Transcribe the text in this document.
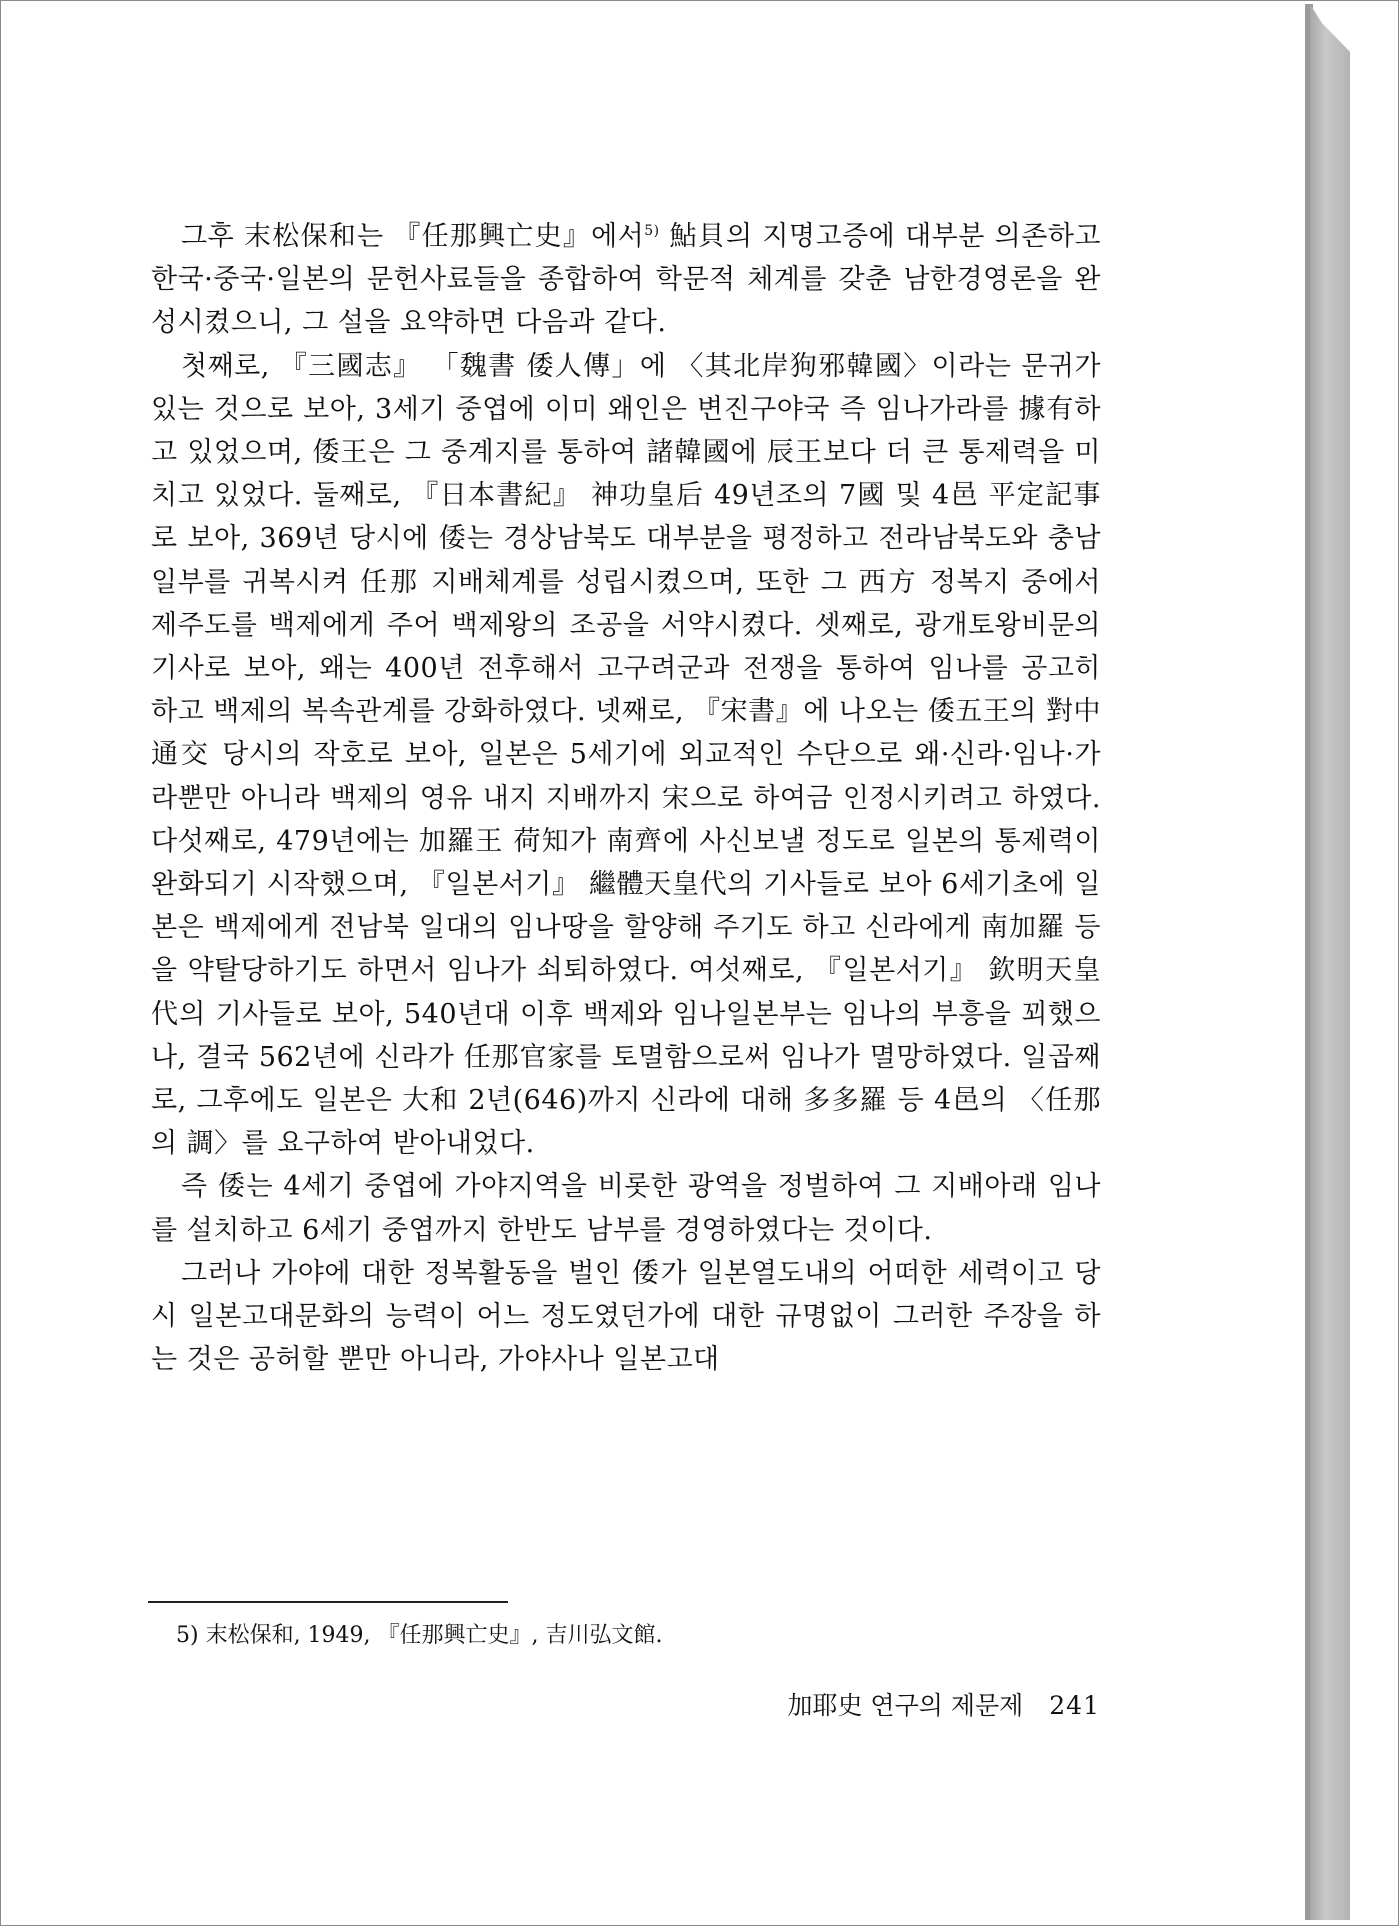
그후 末松保和는 『任那興亡史』에서$^{5)}$ 鮎貝의 지명고증에 대부분 의존하고 한국·중국·일본의 문헌사료들을 종합하여 학문적 체계를 갖춘 남한경영론을 완성시켰으니, 그 설을 요약하면 다음과 같다.

첫째로, 『三國志』 「魏書 倭人傳」에 〈其北岸狗邪韓國〉이라는 문귀가 있는 것으로 보아, 3세기 중엽에 이미 왜인은 변진구야국 즉 임나가라를 據有하고 있었으며, 倭王은 그 중계지를 통하여 諸韓國에 辰王보다 더 큰 통제력을 미치고 있었다. 둘째로, 『日本書紀』 神功皇后 49년조의 7國 및 4邑 平定記事로 보아, 369년 당시에 倭는 경상남북도 대부분을 평정하고 전라남북도와 충남일부를 귀복시켜 任那 지배체계를 성립시켰으며, 또한 그 西方 정복지 중에서 제주도를 백제에게 주어 백제왕의 조공을 서약시켰다. 셋째로, 광개토왕비문의 기사로 보아, 왜는 400년 전후해서 고구려군과 전쟁을 통하여 임나를 공고히 하고 백제의 복속관계를 강화하였다. 넷째로, 『宋書』에 나오는 倭五王의 對中通交 당시의 작호로 보아, 일본은 5세기에 외교적인 수단으로 왜·신라·임나·가라뿐만 아니라 백제의 영유 내지 지배까지 宋으로 하여금 인정시키려고 하였다. 다섯째로, 479년에는 加羅王 荷知가 南齊에 사신보낼 정도로 일본의 통제력이 완화되기 시작했으며, 『일본서기』 繼體天皇代의 기사들로 보아 6세기초에 일본은 백제에게 전남북 일대의 임나땅을 할양해 주기도 하고 신라에게 南加羅 등을 약탈당하기도 하면서 임나가 쇠퇴하였다. 여섯째로, 『일본서기』 欽明天皇代의 기사들로 보아, 540년대 이후 백제와 임나일본부는 임나의 부흥을 꾀했으나, 결국 562년에 신라가 任那官家를 토멸함으로써 임나가 멸망하였다. 일곱째로, 그후에도 일본은 大和 2년(646)까지 신라에 대해 多多羅 등 4邑의 〈任那의 調〉를 요구하여 받아내었다.

즉 倭는 4세기 중엽에 가야지역을 비롯한 광역을 정벌하여 그 지배아래 임나를 설치하고 6세기 중엽까지 한반도 남부를 경영하였다는 것이다.

그러나 가야에 대한 정복활동을 벌인 倭가 일본열도내의 어떠한 세력이고 당시 일본고대문화의 능력이 어느 정도였던가에 대한 규명없이 그러한 주장을 하는 것은 공허할 뿐만 아니라, 가야사나 일본고대

5) 末松保和, 1949, 『任那興亡史』, 吉川弘文館.

加耶史 연구의 제문제 241
